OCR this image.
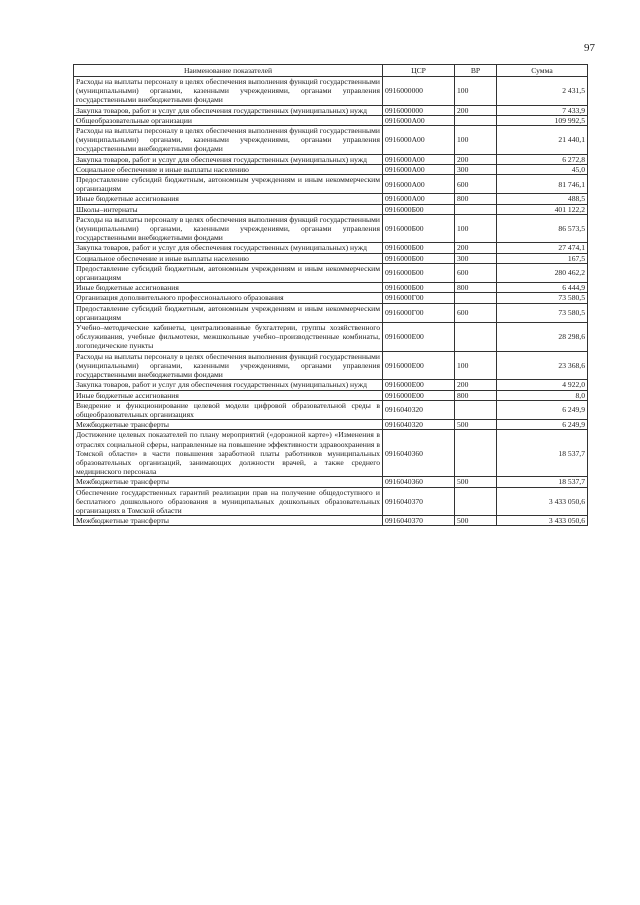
97
Наименование показателей	ЦСР	ВР	Сумма
Расходы на выплаты персоналу в целях обеспечения выполнения функций государственными (муниципальными) органами, казенными учреждениями, органами управления государственными внебюджетными фондами	0916000000	100	2 431,5
Закупка товаров, работ и услуг для обеспечения государственных (муниципальных) нужд	0916000000	200	7 433,9
Общеобразовательные организации	0916000А00		109 992,5
Расходы на выплаты персоналу в целях обеспечения выполнения функций государственными (муниципальными) органами, казенными учреждениями, органами управления государственными внебюджетными фондами	0916000А00	100	21 440,1
Закупка товаров, работ и услуг для обеспечения государственных (муниципальных) нужд	0916000А00	200	6 272,8
Социальное обеспечение и иные выплаты населению	0916000А00	300	45,0
Предоставление субсидий бюджетным, автономным учреждениям и иным некоммерческим организациям	0916000А00	600	81 746,1
Иные бюджетные ассигнования	0916000А00	800	488,5
Школы–интернаты	0916000Б00		401 122,2
Расходы на выплаты персоналу в целях обеспечения выполнения функций государственными (муниципальными) органами, казенными учреждениями, органами управления государственными внебюджетными фондами	0916000Б00	100	86 573,5
Закупка товаров, работ и услуг для обеспечения государственных (муниципальных) нужд	0916000Б00	200	27 474,1
Социальное обеспечение и иные выплаты населению	0916000Б00	300	167,5
Предоставление субсидий бюджетным, автономным учреждениям и иным некоммерческим организациям	0916000Б00	600	280 462,2
Иные бюджетные ассигнования	0916000Б00	800	6 444,9
Организация дополнительного профессионального образования	0916000Г00		73 580,5
Предоставление субсидий бюджетным, автономным учреждениям и иным некоммерческим организациям	0916000Г00	600	73 580,5
Учебно–методические кабинеты, централизованные бухгалтерии, группы хозяйственного обслуживания, учебные фильмотеки, межшкольные учебно–производственные комбинаты, логопедические пункты	0916000Е00		28 298,6
Расходы на выплаты персоналу в целях обеспечения выполнения функций государственными (муниципальными) органами, казенными учреждениями, органами управления государственными внебюджетными фондами	0916000Е00	100	23 368,6
Закупка товаров, работ и услуг для обеспечения государственных (муниципальных) нужд	0916000Е00	200	4 922,0
Иные бюджетные ассигнования	0916000Е00	800	8,0
Внедрение и функционирование целевой модели цифровой образовательной среды в общеобразовательных организациях	0916040320		6 249,9
Межбюджетные трансферты	0916040320	500	6 249,9
Достижение целевых показателей по плану мероприятий («дорожной карте») «Изменения в отраслях социальной сферы, направленные на повышение эффективности здравоохранения в Томской области» в части повышения заработной платы работников муниципальных образовательных организаций, занимающих должности врачей, а также среднего медицинского персонала	0916040360		18 537,7
Межбюджетные трансферты	0916040360	500	18 537,7
Обеспечение государственных гарантий реализации прав на получение общедоступного и бесплатного дошкольного образования в муниципальных дошкольных образовательных организациях в Томской области	0916040370		3 433 050,6
Межбюджетные трансферты	0916040370	500	3 433 050,6
